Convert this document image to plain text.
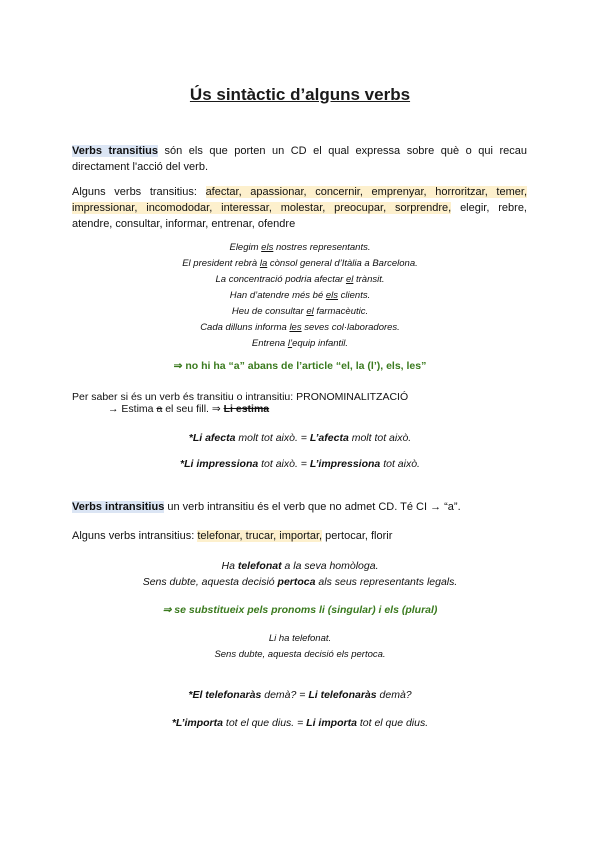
Ús sintàctic d’alguns verbs
Verbs transitius són els que porten un CD el qual expressa sobre què o qui recau directament l'acció del verb.
Alguns verbs transitius: afectar, apassionar, concernir, emprenyar, horroritzar, temer, impressionar, incomododar, interessar, molestar, preocupar, sorprendre, elegir, rebre, atendre, consultar, informar, entrenar, ofendre
Elegim els nostres representants.
El president rebrà la cònsol general d’Itàlia a Barcelona.
La concentració podria afectar el trànsit.
Han d’atendre més bé els clients.
Heu de consultar el farmacèutic.
Cada dilluns informa les seves col·laboradores.
Entrena l’equip infantil.
⇒ no hi ha “a” abans de l’article “el, la (l’), els, les”
Per saber si és un verb és transitiu o intransitiu: PRONOMINALITZACIÓ
→ Estima a el seu fill. ⇒ Li estima
*Li afecta molt tot això. = L’afecta molt tot això.
*Li impressiona tot això. = L’impressiona tot això.
Verbs intransitius un verb intransitiu és el verb que no admet CD. Té CI → “a”.
Alguns verbs intransitius: telefonar, trucar, importar, pertocar, florir
Ha telefonat a la seva homòloga.
Sens dubte, aquesta decisió pertoca als seus representants legals.
⇒ se substitueix pels pronoms li (singular) i els (plural)
Li ha telefonat.
Sens dubte, aquesta decisió els pertoca.
*El telefonaràs demà? = Li telefonaràs demà?
*L’importa tot el que dius. = Li importa tot el que dius.
